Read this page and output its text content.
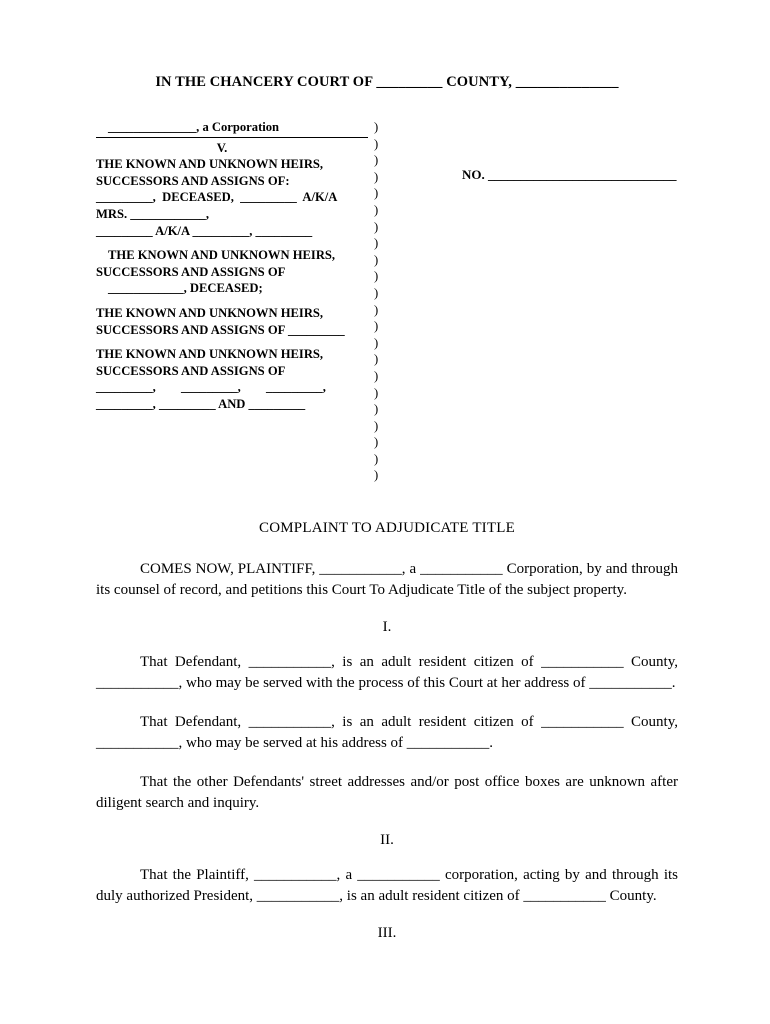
IN THE CHANCERY COURT OF _________ COUNTY, ______________
______________, a Corporation
V.
THE KNOWN AND UNKNOWN HEIRS,
SUCCESSORS AND ASSIGNS OF:
_________,  DECEASED,  _________  A/K/A
MRS. ____________,
_________ A/K/A _________, _________
THE KNOWN AND UNKNOWN HEIRS,
SUCCESSORS AND ASSIGNS OF
____________, DECEASED;
THE KNOWN AND UNKNOWN HEIRS,
SUCCESSORS AND ASSIGNS OF _________
THE KNOWN AND UNKNOWN HEIRS,
SUCCESSORS AND ASSIGNS OF
_________,        _________,        _________,
_________, _________ AND _________
)
)
)
)
)
)
)
)
)
)
)
)
)
)
)
)
)
)
)
)
)
)
NO. _____________________________
COMPLAINT TO ADJUDICATE TITLE

COMES NOW, PLAINTIFF, ___________, a ___________ Corporation, by and through its counsel of record, and petitions this Court To Adjudicate Title of the subject property.

I.

That Defendant, ___________, is an adult resident citizen of ___________ County, ___________, who may be served with the process of this Court at her address of ___________.

That Defendant, ___________, is an adult resident citizen of ___________ County, ___________, who may be served at his address of ___________.

That the other Defendants' street addresses and/or post office boxes are unknown after diligent search and inquiry.

II.

That the Plaintiff, ___________, a ___________ corporation, acting by and through its duly authorized President, ___________, is an adult resident citizen of ___________ County.

III.
